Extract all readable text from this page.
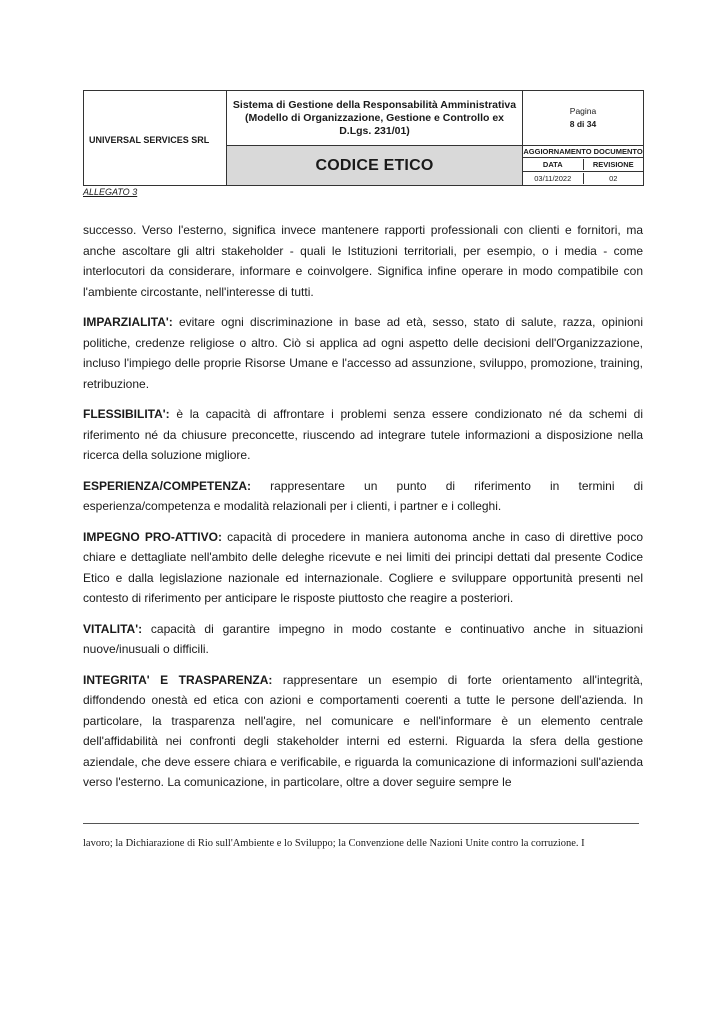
UNIVERSAL SERVICES SRL	Sistema di Gestione della Responsabilità Amministrativa (Modello di Organizzazione, Gestione e Controllo ex D.Lgs. 231/01)	
Pagina
8 di 34

CODICE ETICO	AGGIORNAMENTO DOCUMENTO

DATA	REVISIONE

03/11/2022	02
ALLEGATO 3

successo. Verso l'esterno, significa invece mantenere rapporti professionali con clienti e fornitori, ma anche ascoltare gli altri stakeholder - quali le Istituzioni territoriali, per esempio, o i media - come interlocutori da considerare, informare e coinvolgere. Significa infine operare in modo compatibile con l'ambiente circostante, nell'interesse di tutti.

IMPARZIALITA': evitare ogni discriminazione in base ad età, sesso, stato di salute, razza, opinioni politiche, credenze religiose o altro. Ciò si applica ad ogni aspetto delle decisioni dell'Organizzazione, incluso l'impiego delle proprie Risorse Umane e l'accesso ad assunzione, sviluppo, promozione, training, retribuzione.

FLESSIBILITA': è la capacità di affrontare i problemi senza essere condizionato né da schemi di riferimento né da chiusure preconcette, riuscendo ad integrare tutele informazioni a disposizione nella ricerca della soluzione migliore.

ESPERIENZA/COMPETENZA: rappresentare un punto di riferimento in termini di esperienza/competenza e modalità relazionali per i clienti, i partner e i colleghi.

IMPEGNO PRO-ATTIVO: capacità di procedere in maniera autonoma anche in caso di direttive poco chiare e dettagliate nell'ambito delle deleghe ricevute e nei limiti dei principi dettati dal presente Codice Etico e dalla legislazione nazionale ed internazionale. Cogliere e sviluppare opportunità presenti nel contesto di riferimento per anticipare le risposte piuttosto che reagire a posteriori.

VITALITA': capacità di garantire impegno in modo costante e continuativo anche in situazioni nuove/inusuali o difficili.

INTEGRITA' E TRASPARENZA: rappresentare un esempio di forte orientamento all'integrità, diffondendo onestà ed etica con azioni e comportamenti coerenti a tutte le persone dell'azienda. In particolare, la trasparenza nell'agire, nel comunicare e nell'informare è un elemento centrale dell'affidabilità nei confronti degli stakeholder interni ed esterni. Riguarda la sfera della gestione aziendale, che deve essere chiara e verificabile, e riguarda la comunicazione di informazioni sull'azienda verso l'esterno. La comunicazione, in particolare, oltre a dover seguire sempre le

lavoro; la Dichiarazione di Rio sull'Ambiente e lo Sviluppo; la Convenzione delle Nazioni Unite contro la corruzione. I
